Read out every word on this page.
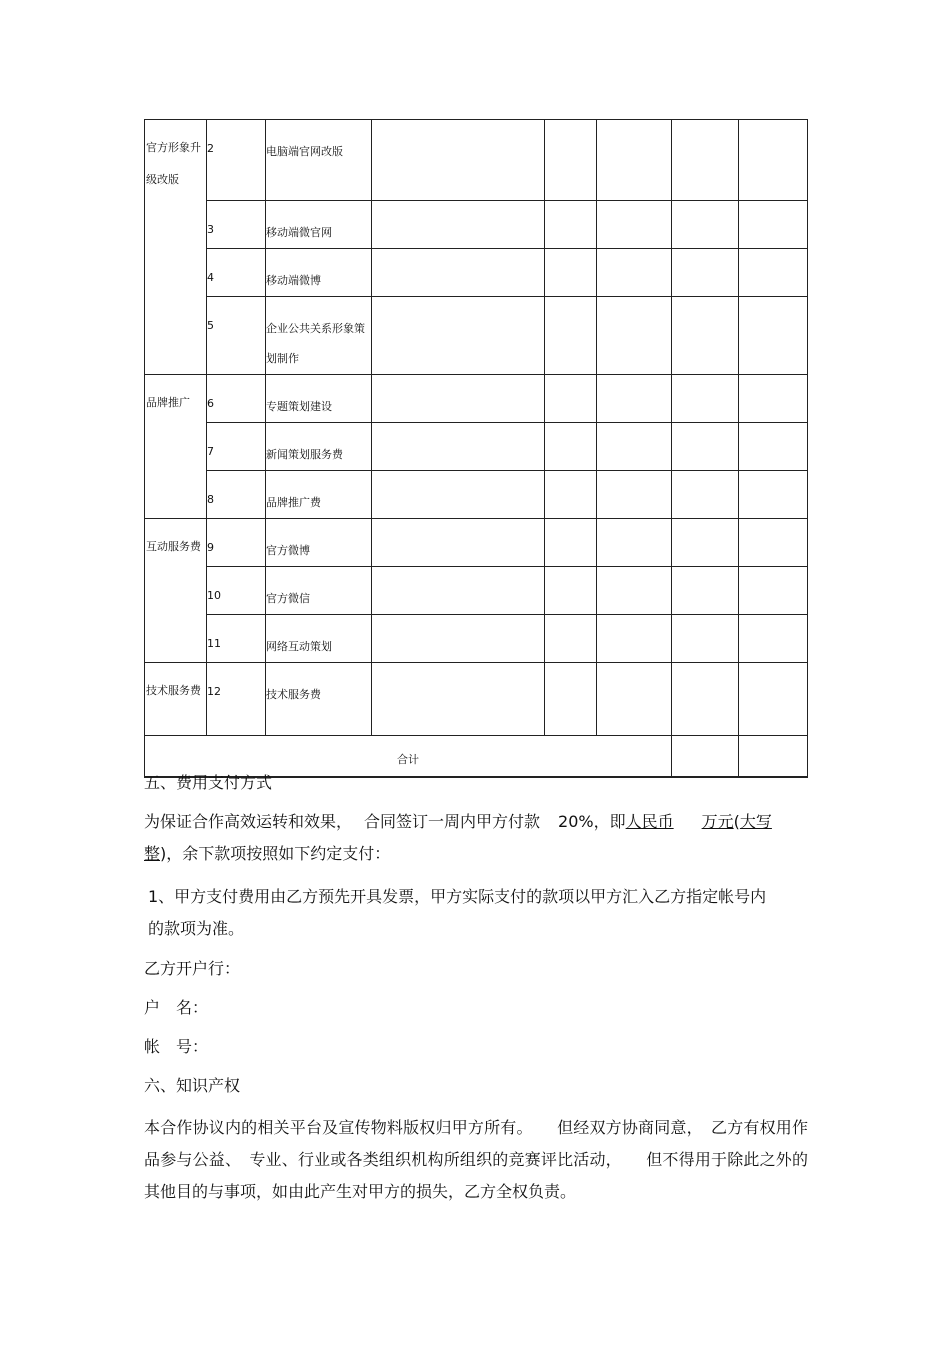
官方形象升级改版	2	电脑端官网改版					
	3	移动端微官网					
	4	移动端微博					
	5	企业公共关系形象策划制作					
品牌推广	6	专题策划建设					
	7	新闻策划服务费					
	8	品牌推广费					
互动服务费	9	官方微博					
	10	官方微信					
	11	网络互动策划					
技术服务费	12	技术服务费					
合计							
五、费用支付方式
为保证合作高效运转和效果， 合同签订一周内甲方付款 20%，即人民币 万元(大写整)，余下款项按照如下约定支付：
1、甲方支付费用由乙方预先开具发票，甲方实际支付的款项以甲方汇入乙方指定帐号内的款项为准。
乙方开户行：
户　名：
帐　号：
六、知识产权
本合作协议内的相关平台及宣传物料版权归甲方所有。　　但经双方协商同意，　乙方有权用作品参与公益、　专业、行业或各类组织机构所组织的竞赛评比活动，　　但不得用于除此之外的其他目的与事项，如由此产生对甲方的损失，乙方全权负责。
